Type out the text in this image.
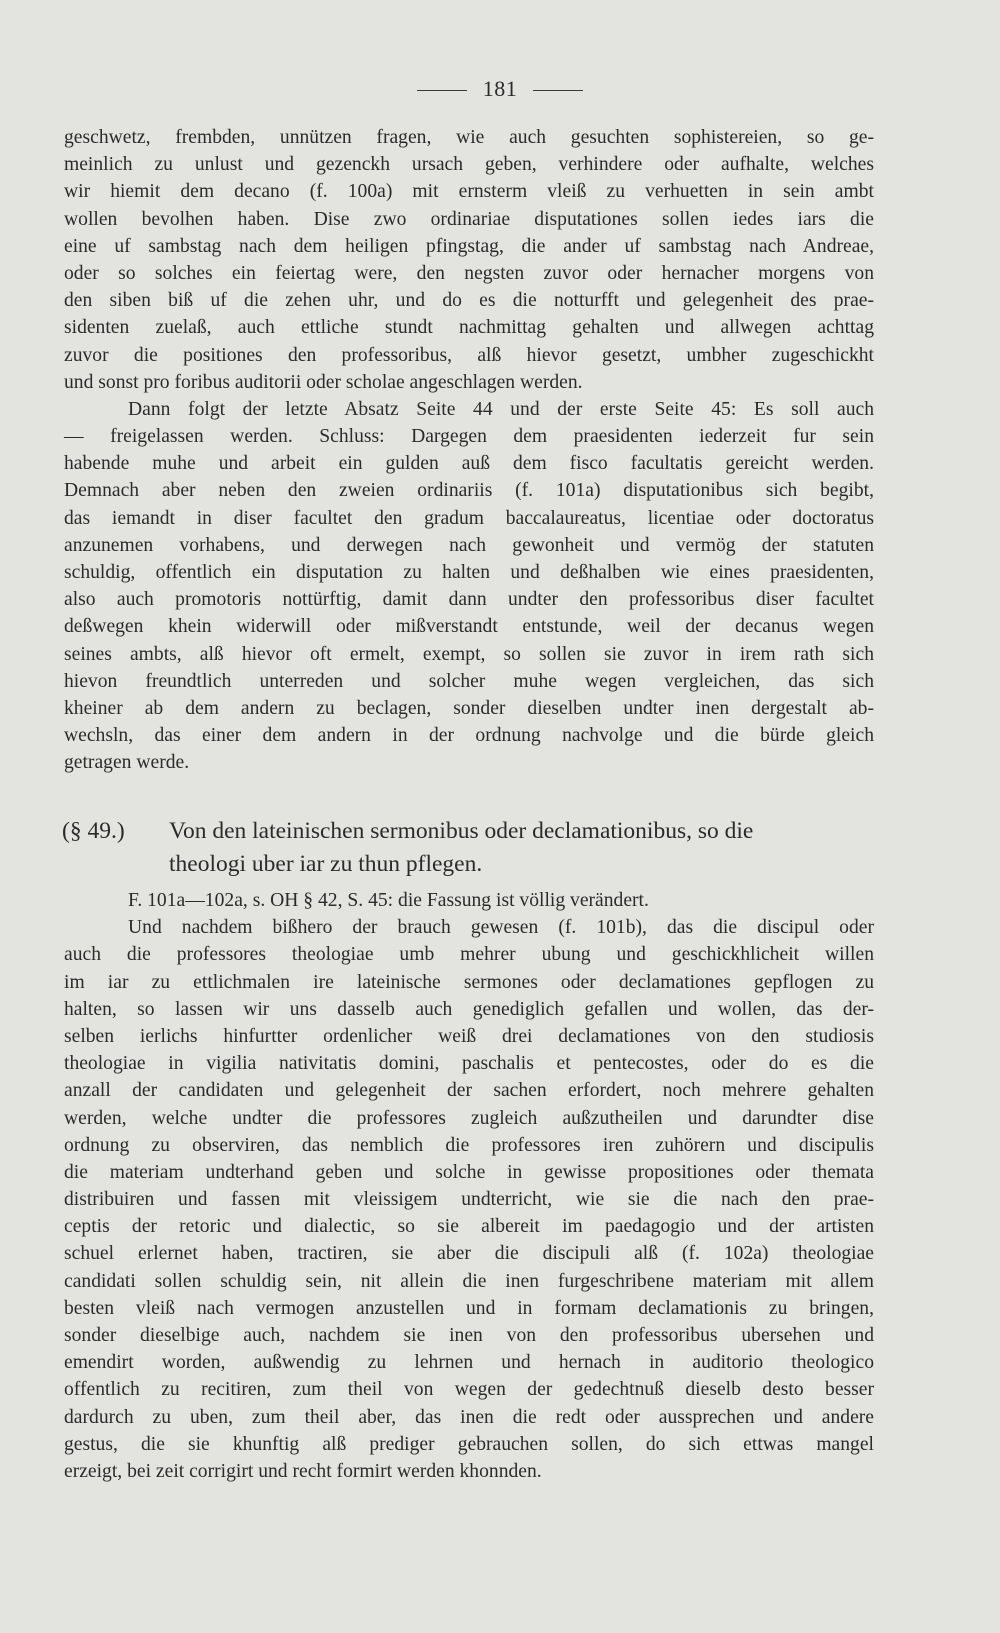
181
geschwetz, frembden, unnützen fragen, wie auch gesuchten sophistereien, so ge-
meinlich zu unlust und gezenckh ursach geben, verhindere oder aufhalte, welches
wir hiemit dem decano (f. 100a) mit ernsterm vleiß zu verhuetten in sein ambt
wollen bevolhen haben. Dise zwo ordinariae disputationes sollen iedes iars die
eine uf sambstag nach dem heiligen pfingstag, die ander uf sambstag nach Andreae,
oder so solches ein feiertag were, den negsten zuvor oder hernacher morgens von
den siben biß uf die zehen uhr, und do es die notturfft und gelegenheit des prae-
sidenten zuelaß, auch ettliche stundt nachmittag gehalten und allwegen achttag
zuvor die positiones den professoribus, alß hievor gesetzt, umbher zugeschickht
und sonst pro foribus auditorii oder scholae angeschlagen werden.
Dann folgt der letzte Absatz Seite 44 und der erste Seite 45: Es soll auch
— freigelassen werden. Schluss: Dargegen dem praesidenten iederzeit fur sein
habende muhe und arbeit ein gulden auß dem fisco facultatis gereicht werden.
Demnach aber neben den zweien ordinariis (f. 101a) disputationibus sich begibt,
das iemandt in diser facultet den gradum baccalaureatus, licentiae oder doctoratus
anzunemen vorhabens, und derwegen nach gewonheit und vermög der statuten
schuldig, offentlich ein disputation zu halten und deßhalben wie eines praesidenten,
also auch promotoris nottürftig, damit dann undter den professoribus diser facultet
deßwegen khein widerwill oder mißverstandt entstunde, weil der decanus wegen
seines ambts, alß hievor oft ermelt, exempt, so sollen sie zuvor in irem rath sich
hievon freundtlich unterreden und solcher muhe wegen vergleichen, das sich
kheiner ab dem andern zu beclagen, sonder dieselben undter inen dergestalt ab-
wechsln, das einer dem andern in der ordnung nachvolge und die bürde gleich
getragen werde.
(§ 49.) Von den lateinischen sermonibus oder declamationibus, so die
theologi uber iar zu thun pflegen.
F. 101a—102a, s. OH § 42, S. 45: die Fassung ist völlig verändert.
Und nachdem bißhero der brauch gewesen (f. 101b), das die discipul oder
auch die professores theologiae umb mehrer ubung und geschickhlicheit willen
im iar zu ettlichmalen ire lateinische sermones oder declamationes gepflogen zu
halten, so lassen wir uns dasselb auch genediglich gefallen und wollen, das der-
selben ierlichs hinfurtter ordenlicher weiß drei declamationes von den studiosis
theologiae in vigilia nativitatis domini, paschalis et pentecostes, oder do es die
anzall der candidaten und gelegenheit der sachen erfordert, noch mehrere gehalten
werden, welche undter die professores zugleich außzutheilen und darundter dise
ordnung zu observiren, das nemblich die professores iren zuhörern und discipulis
die materiam undterhand geben und solche in gewisse propositiones oder themata
distribuiren und fassen mit vleissigem undterricht, wie sie die nach den prae-
ceptis der retoric und dialectic, so sie albereit im paedagogio und der artisten
schuel erlernet haben, tractiren, sie aber die discipuli alß (f. 102a) theologiae
candidati sollen schuldig sein, nit allein die inen furgeschribene materiam mit allem
besten vleiß nach vermogen anzustellen und in formam declamationis zu bringen,
sonder dieselbige auch, nachdem sie inen von den professoribus ubersehen und
emendirt worden, außwendig zu lehrnen und hernach in auditorio theologico
offentlich zu recitiren, zum theil von wegen der gedechtnuß dieselb desto besser
dardurch zu uben, zum theil aber, das inen die redt oder aussprechen und andere
gestus, die sie khunftig alß prediger gebrauchen sollen, do sich ettwas mangel
erzeigt, bei zeit corrigirt und recht formirt werden khonnden.
